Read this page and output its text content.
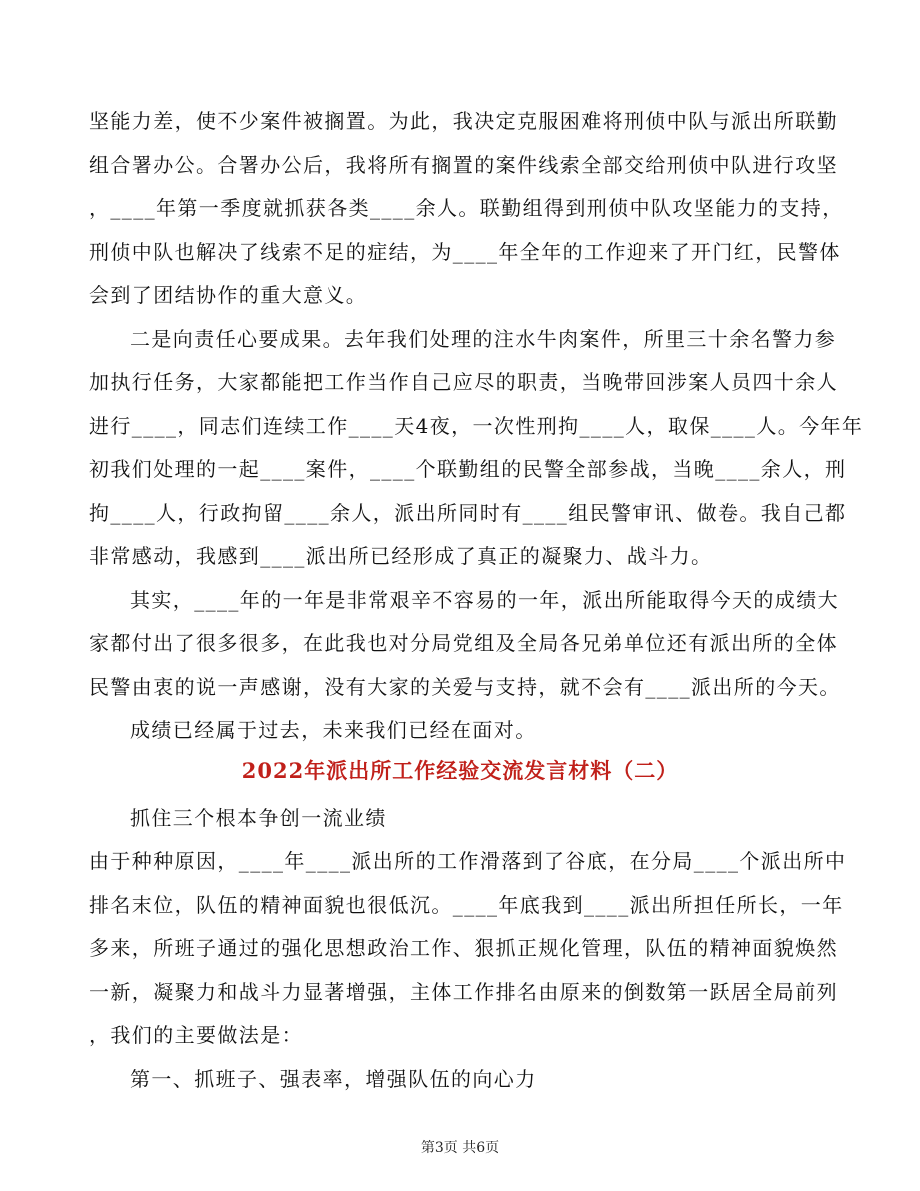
坚能力差，使不少案件被搁置。为此，我决定克服困难将刑侦中队与派出所联勤
组合署办公。合署办公后，我将所有搁置的案件线索全部交给刑侦中队进行攻坚
，____年第一季度就抓获各类____余人。联勤组得到刑侦中队攻坚能力的支持，
刑侦中队也解决了线索不足的症结，为____年全年的工作迎来了开门红，民警体
会到了团结协作的重大意义。
二是向责任心要成果。去年我们处理的注水牛肉案件，所里三十余名警力参
加执行任务，大家都能把工作当作自己应尽的职责，当晚带回涉案人员四十余人
进行____，同志们连续工作____天4夜，一次性刑拘____人，取保____人。今年年
初我们处理的一起____案件，____个联勤组的民警全部参战，当晚____余人，刑
拘____人，行政拘留____余人，派出所同时有____组民警审讯、做卷。我自己都
非常感动，我感到____派出所已经形成了真正的凝聚力、战斗力。
其实，____年的一年是非常艰辛不容易的一年，派出所能取得今天的成绩大
家都付出了很多很多，在此我也对分局党组及全局各兄弟单位还有派出所的全体
民警由衷的说一声感谢，没有大家的关爱与支持，就不会有____派出所的今天。
成绩已经属于过去，未来我们已经在面对。
2022年派出所工作经验交流发言材料（二）
抓住三个根本争创一流业绩
由于种种原因，____年____派出所的工作滑落到了谷底，在分局____个派出所中
排名末位，队伍的精神面貌也很低沉。____年底我到____派出所担任所长，一年
多来，所班子通过的强化思想政治工作、狠抓正规化管理，队伍的精神面貌焕然
一新，凝聚力和战斗力显著增强，主体工作排名由原来的倒数第一跃居全局前列
，我们的主要做法是：
第一、抓班子、强表率，增强队伍的向心力
第3页 共6页
